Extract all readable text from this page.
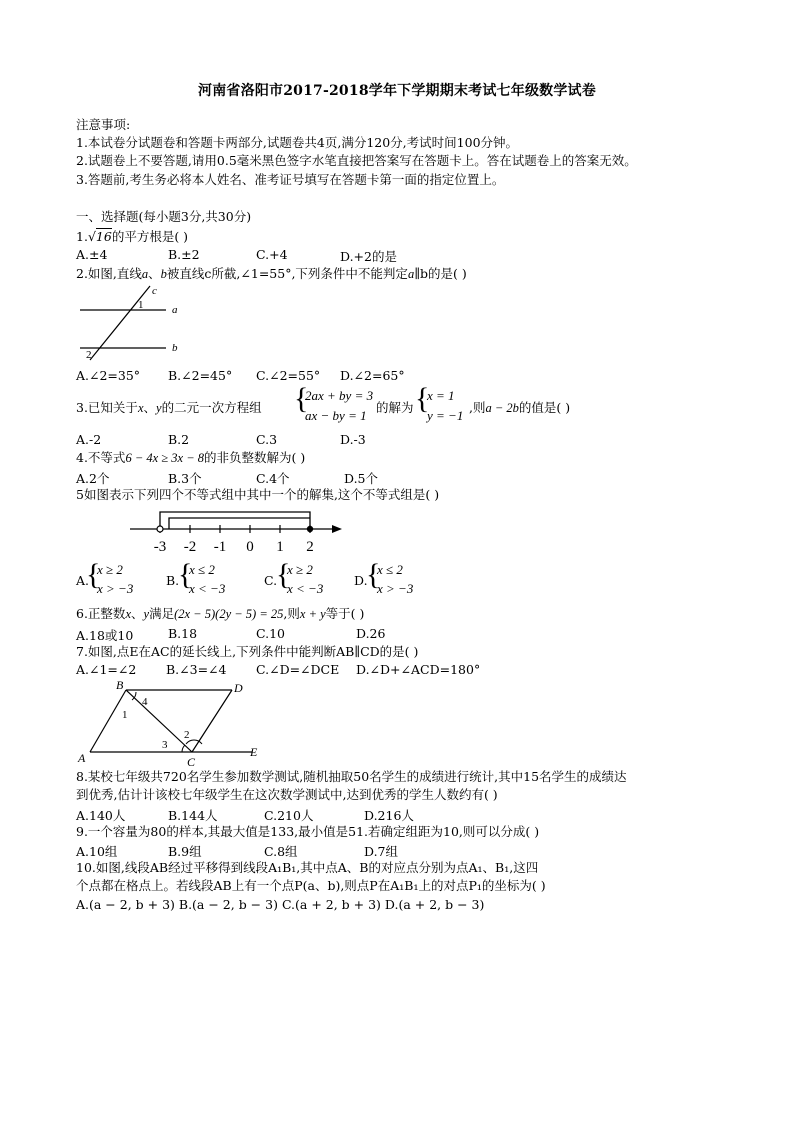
河南省洛阳市2017-2018学年下学期期末考试七年级数学试卷
注意事项:
1.本试卷分试题卷和答题卡两部分,试题卷共4页,满分120分,考试时间100分钟。
2.试题卷上不要答题,请用0.5毫米黑色签字水笔直接把答案写在答题卡上。答在试题卷上的答案无效。
3.答题前,考生务必将本人姓名、准考证号填写在答题卡第一面的指定位置上。
一、选择题(每小题3分,共30分)
1.√16的平方根是( )
A.±4	B.±2	C.+4	D.+2的是
2.如图,直线a、b被直线c所截,∠1=55°,下列条件中不能判定a∥b的是( )
c
1	a
2
b
A.∠2=35° B.∠2=45° C.∠2=55° D.∠2=65°
3.已知关于x、y的二元一次方程组 {
2ax + by = 3
ax − by = 1
的解为 {
x = 1
y = −1
,则a − 2b的值是( )
A.-2	B.2	C.3	D.-3
4.不等式6 − 4x ≥ 3x − 8的非负整数解为( )
A.2个	B.3个	C.4个	D.5个
5如图表示下列四个不等式组中其中一个的解集,这个不等式组是( )
-3 -2 -1 0 1 2
A.
{
x ≥ 2
x > −3
B.
{
x ≤ 2
x < −3
C.
{
x ≥ 2
x < −3
D.
{
x ≤ 2
x > −3
6.正整数x、y满足(2x − 5)(2y − 5) = 25,则x + y等于( )
A.18或10	B.18	C.10	D.26
7.如图,点E在AC的延长线上,下列条件中能判断AB∥CD的是( )
A.∠1=∠2 B.∠3=∠4 C.∠D=∠DCE D.∠D+∠ACD=180°
B	D
A	C
E
1
4
3
2
8.某校七年级共720名学生参加数学测试,随机抽取50名学生的成绩进行统计,其中15名学生的成绩达
到优秀,估计计该校七年级学生在这次数学测试中,达到优秀的学生人数约有( )
A.140人	B.144人	C.210人	D.216人
9.一个容量为80的样本,其最大值是133,最小值是51.若确定组距为10,则可以分成( )
A.10组	B.9组	C.8组	D.7组
10.如图,线段AB经过平移得到线段A₁B₁,其中点A、B的对应点分别为点A₁、B₁,这四
个点都在格点上。若线段AB上有一个点P(a、b),则点P在A₁B₁上的对点P₁的坐标为( )
A.(a − 2, b + 3) B.(a − 2, b − 3) C.(a + 2, b + 3) D.(a + 2, b − 3)
